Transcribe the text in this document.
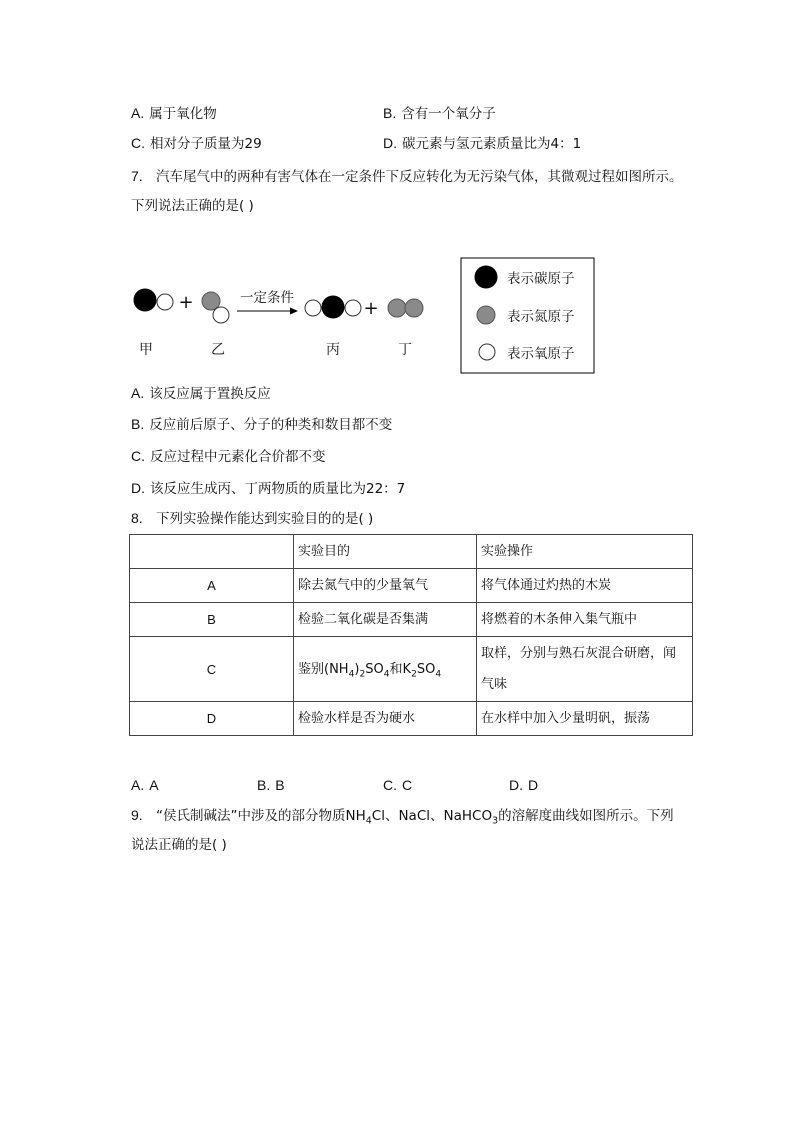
A. 属于氧化物	B. 含有一个氧分子
C. 相对分子质量为29	D. 碳元素与氢元素质量比为4：1
7. 汽车尾气中的两种有害气体在一定条件下反应转化为无污染气体，其微观过程如图所示。
下列说法正确的是( )
+	一定条件	+
甲	乙	丙	丁
表示碳原子
表示氮原子
表示氧原子
A. 该反应属于置换反应
B. 反应前后原子、分子的种类和数目都不变
C. 反应过程中元素化合价都不变
D. 该反应生成丙、丁两物质的质量比为22：7
8. 下列实验操作能达到实验目的的是( )
	实验目的	实验操作
A	除去氮气中的少量氧气	将气体通过灼热的木炭
B	检验二氧化碳是否集满	将燃着的木条伸入集气瓶中
C	鉴别$(NH_4)_2SO_4$和$K_2SO_4$	取样，分别与熟石灰混合研磨，闻气味
D	检验水样是否为硬水	在水样中加入少量明矾，振荡
A. A	B. B	C. C	D. D
9. “侯氏制碱法”中涉及的部分物质$NH_4Cl$、NaCl、NaHCO$_3$的溶解度曲线如图所示。下列
说法正确的是( )
